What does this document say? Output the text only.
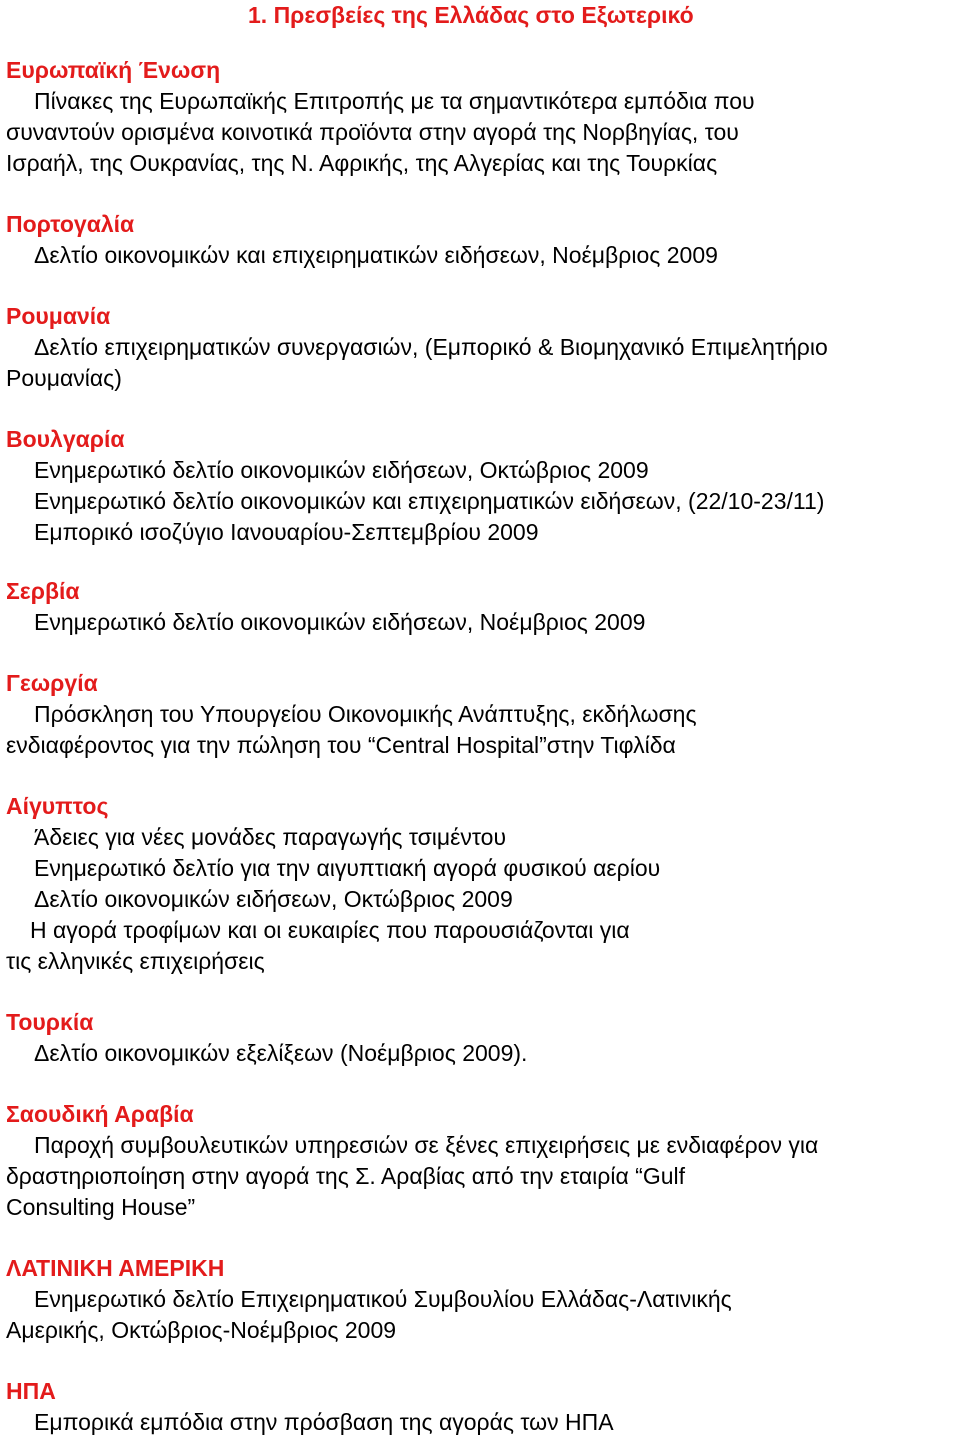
1. Πρεσβείες της Ελλάδας στο Εξωτερικό
Ευρωπαϊκή Ένωση
Πίνακες της Ευρωπαϊκής Επιτροπής με τα σημαντικότερα εμπόδια που
συναντούν ορισμένα κοινοτικά προϊόντα στην αγορά της Νορβηγίας, του
Ισραήλ, της Ουκρανίας, της Ν. Αφρικής, της Αλγερίας και της Τουρκίας
Πορτογαλία
Δελτίο οικονομικών και επιχειρηματικών ειδήσεων, Νοέμβριος 2009
Ρουμανία
Δελτίο επιχειρηματικών συνεργασιών, (Εμπορικό & Βιομηχανικό Επιμελητήριο
Ρουμανίας)
Βουλγαρία
Ενημερωτικό δελτίο οικονομικών ειδήσεων, Οκτώβριος 2009
Ενημερωτικό δελτίο οικονομικών και επιχειρηματικών ειδήσεων, (22/10-23/11)
Εμπορικό ισοζύγιο Ιανουαρίου-Σεπτεμβρίου 2009
Σερβία
Ενημερωτικό δελτίο οικονομικών ειδήσεων, Νοέμβριος 2009
Γεωργία
Πρόσκληση του Υπουργείου Οικονομικής Ανάπτυξης, εκδήλωσης
ενδιαφέροντος για την πώληση του “Central Hospital”στην Τιφλίδα
Αίγυπτος
Άδειες για νέες μονάδες παραγωγής τσιμέντου
Ενημερωτικό δελτίο για την αιγυπτιακή αγορά φυσικού αερίου
Δελτίο οικονομικών ειδήσεων, Οκτώβριος 2009
Η αγορά τροφίμων και οι ευκαιρίες που παρουσιάζονται για
τις ελληνικές επιχειρήσεις
Τουρκία
Δελτίο οικονομικών εξελίξεων (Νοέμβριος 2009).
Σαουδική Αραβία
Παροχή συμβουλευτικών υπηρεσιών σε ξένες επιχειρήσεις με ενδιαφέρον για
δραστηριοποίηση στην αγορά της Σ. Αραβίας από την εταιρία “Gulf
Consulting House”
ΛΑΤΙΝΙΚΗ ΑΜΕΡΙΚΗ
Ενημερωτικό δελτίο Επιχειρηματικού Συμβουλίου Ελλάδας-Λατινικής
Αμερικής, Οκτώβριος-Νοέμβριος 2009
ΗΠΑ
Εμπορικά εμπόδια στην πρόσβαση της αγοράς των ΗΠΑ
